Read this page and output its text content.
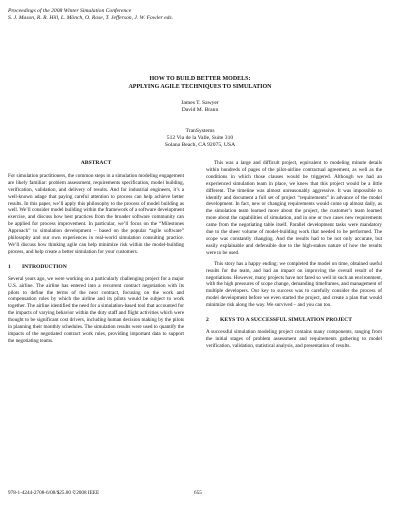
Proceedings of the 2008 Winter Simulation Conference
S. J. Mason, R. R. Hill, L. Mönch, O. Rose, T. Jefferson, J. W. Fowler eds.
HOW TO BUILD BETTER MODELS:
APPLYING AGILE TECHNIQUES TO SIMULATION
James T. Sawyer
David M. Brann
TranSystems
512 Via de la Valle, Suite 310
Solana Beach, CA 92075, USA
ABSTRACT

For simulation practitioners, the common steps in a simulation modeling engagement are likely familiar: problem assessment, requirements specification, model building, verification, validation, and delivery of results. And for industrial engineers, it’s a well-known adage that paying careful attention to process can help achieve better results. In this paper, we’ll apply this philosophy to the process of model building as well. We’ll consider model building within the framework of a software development exercise, and discuss how best practices from the broader software community can be applied for process improvement. In particular, we’ll focus on the “Milestones Approach” to simulation development – based on the popular “agile software” philosophy and our own experiences in real-world simulation consulting practice. We’ll discuss how thinking agile can help minimize risk within the model-building process, and help create a better simulation for your customers.

1 INTRODUCTION

Several years ago, we were working on a particularly challenging project for a major U.S. airline. The airline has entered into a recurrent contract negotiation with its pilots to define the terms of the next contract, focusing on the work and compensation rules by which the airline and its pilots would be subject to work together. The airline identified the need for a simulation-based tool that accounted for the impacts of varying behavior within the duty staff and flight activities which were thought to be significant cost drivers, including human decision making by the pilots in planning their monthly schedules. The simulation results were used to quantify the impacts of the negotiated contract work rules, providing important data to support the negotiating teams.

This was a large and difficult project, equivalent to modeling minute details within hundreds of pages of the pilot-airline contractual agreement, as well as the conditions in which those clauses would be triggered. Although we had an experienced simulation team in place, we knew that this project would be a little different. The timeline was almost unreasonably aggressive. It was impossible to identify and document a full set of project “requirements” in advance of the model development. In fact, new or changing requirements would come up almost daily, as the simulation team learned more about the project, the customer’s team learned more about the capabilities of simulation, and in one or two cases new requirements came from the negotiating table itself. Parallel development tasks were mandatory due to the sheer volume of model-building work that needed to be performed. The scope was constantly changing. And the results had to be not only accurate, but easily explainable and defensible due to the high-stakes nature of how the results were to be used.

This story has a happy ending: we completed the model on time, obtained useful results for the team, and had an impact on improving the overall result of the negotiations. However, many projects have not fared so well in such an environment, with the high pressures of scope change, demanding timeframes, and management of multiple developers. Our key to success was to carefully consider the process of model development before we even started the project, and create a plan that would minimize risk along the way. We survived – and you can too.

2 KEYS TO A SUCCESSFUL SIMULATION PROJECT

A successful simulation modeling project contains many components, ranging from the initial stages of problem assessment and requirements gathering to model verification, validation, statistical analysis, and presentation of results.

978-1-4244-2708-6/08/$25.00 ©2008 IEEE	655
